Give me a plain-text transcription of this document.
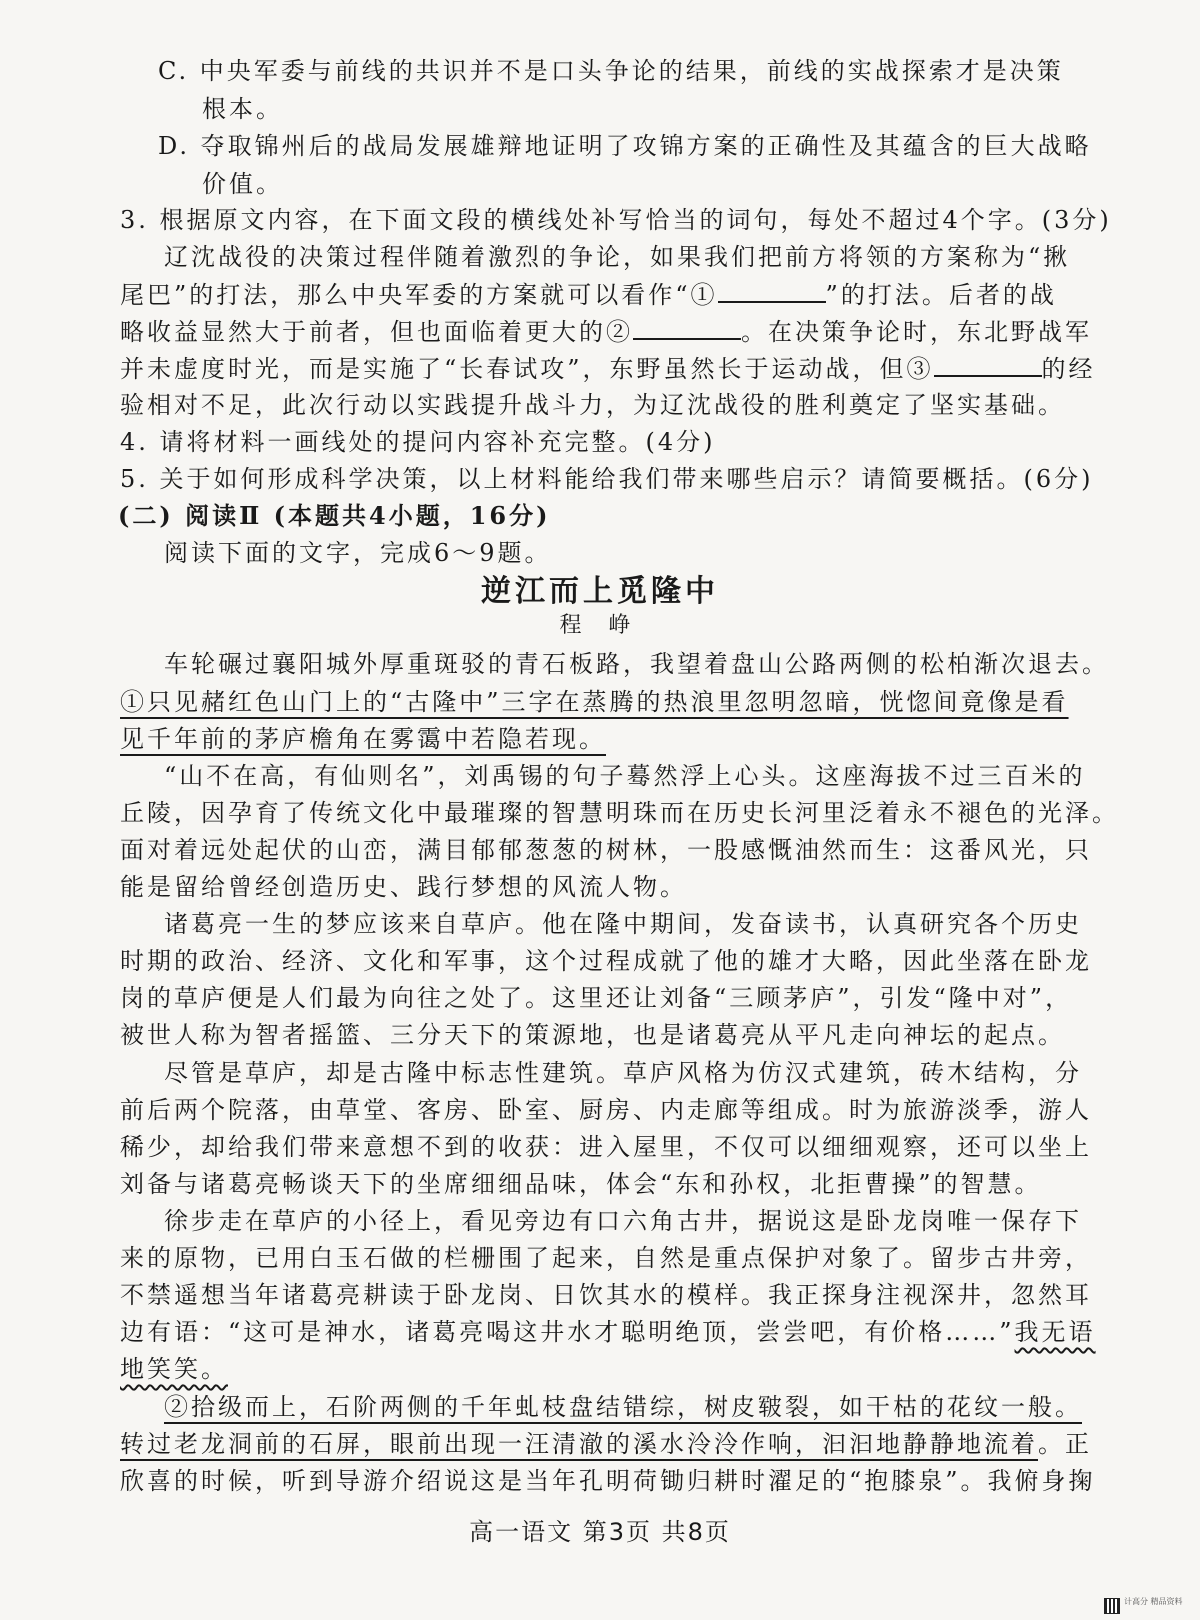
C. 中央军委与前线的共识并不是口头争论的结果，前线的实战探索才是决策
根本。
D. 夺取锦州后的战局发展雄辩地证明了攻锦方案的正确性及其蕴含的巨大战略
价值。
3. 根据原文内容，在下面文段的横线处补写恰当的词句，每处不超过4个字。(3分)
辽沈战役的决策过程伴随着激烈的争论，如果我们把前方将领的方案称为“揪
尾巴”的打法，那么中央军委的方案就可以看作“①	”的打法。后者的战
略收益显然大于前者，但也面临着更大的②	。在决策争论时，东北野战军
并未虚度时光，而是实施了“长春试攻”，东野虽然长于运动战，但③	的经
验相对不足，此次行动以实践提升战斗力，为辽沈战役的胜利奠定了坚实基础。
4. 请将材料一画线处的提问内容补充完整。(4分)
5. 关于如何形成科学决策，以上材料能给我们带来哪些启示？请简要概括。(6分)
(二) 阅读Ⅱ (本题共4小题，16分)
阅读下面的文字，完成6～9题。
逆江而上觅隆中
程 峥
车轮碾过襄阳城外厚重斑驳的青石板路，我望着盘山公路两侧的松柏渐次退去。
①只见赭红色山门上的“古隆中”三字在蒸腾的热浪里忽明忽暗，恍惚间竟像是看
见千年前的茅庐檐角在雾霭中若隐若现。
“山不在高，有仙则名”，刘禹锡的句子蓦然浮上心头。这座海拔不过三百米的
丘陵，因孕育了传统文化中最璀璨的智慧明珠而在历史长河里泛着永不褪色的光泽。
面对着远处起伏的山峦，满目郁郁葱葱的树林，一股感慨油然而生：这番风光，只
能是留给曾经创造历史、践行梦想的风流人物。
诸葛亮一生的梦应该来自草庐。他在隆中期间，发奋读书，认真研究各个历史
时期的政治、经济、文化和军事，这个过程成就了他的雄才大略，因此坐落在卧龙
岗的草庐便是人们最为向往之处了。这里还让刘备“三顾茅庐”，引发“隆中对”，
被世人称为智者摇篮、三分天下的策源地，也是诸葛亮从平凡走向神坛的起点。
尽管是草庐，却是古隆中标志性建筑。草庐风格为仿汉式建筑，砖木结构，分
前后两个院落，由草堂、客房、卧室、厨房、内走廊等组成。时为旅游淡季，游人
稀少，却给我们带来意想不到的收获：进入屋里，不仅可以细细观察，还可以坐上
刘备与诸葛亮畅谈天下的坐席细细品味，体会“东和孙权，北拒曹操”的智慧。
徐步走在草庐的小径上，看见旁边有口六角古井，据说这是卧龙岗唯一保存下
来的原物，已用白玉石做的栏栅围了起来，自然是重点保护对象了。留步古井旁，
不禁遥想当年诸葛亮耕读于卧龙岗、日饮其水的模样。我正探身注视深井，忽然耳
边有语：“这可是神水，诸葛亮喝这井水才聪明绝顶，尝尝吧，有价格……”我无语
地笑笑。
②拾级而上，石阶两侧的千年虬枝盘结错综，树皮皲裂，如干枯的花纹一般。
转过老龙洞前的石屏，眼前出现一汪清澈的溪水泠泠作响，汩汩地静静地流着。正
欣喜的时候，听到导游介绍说这是当年孔明荷锄归耕时濯足的“抱膝泉”。我俯身掬
高一语文 第3页 共8页
计高分 精品资料
